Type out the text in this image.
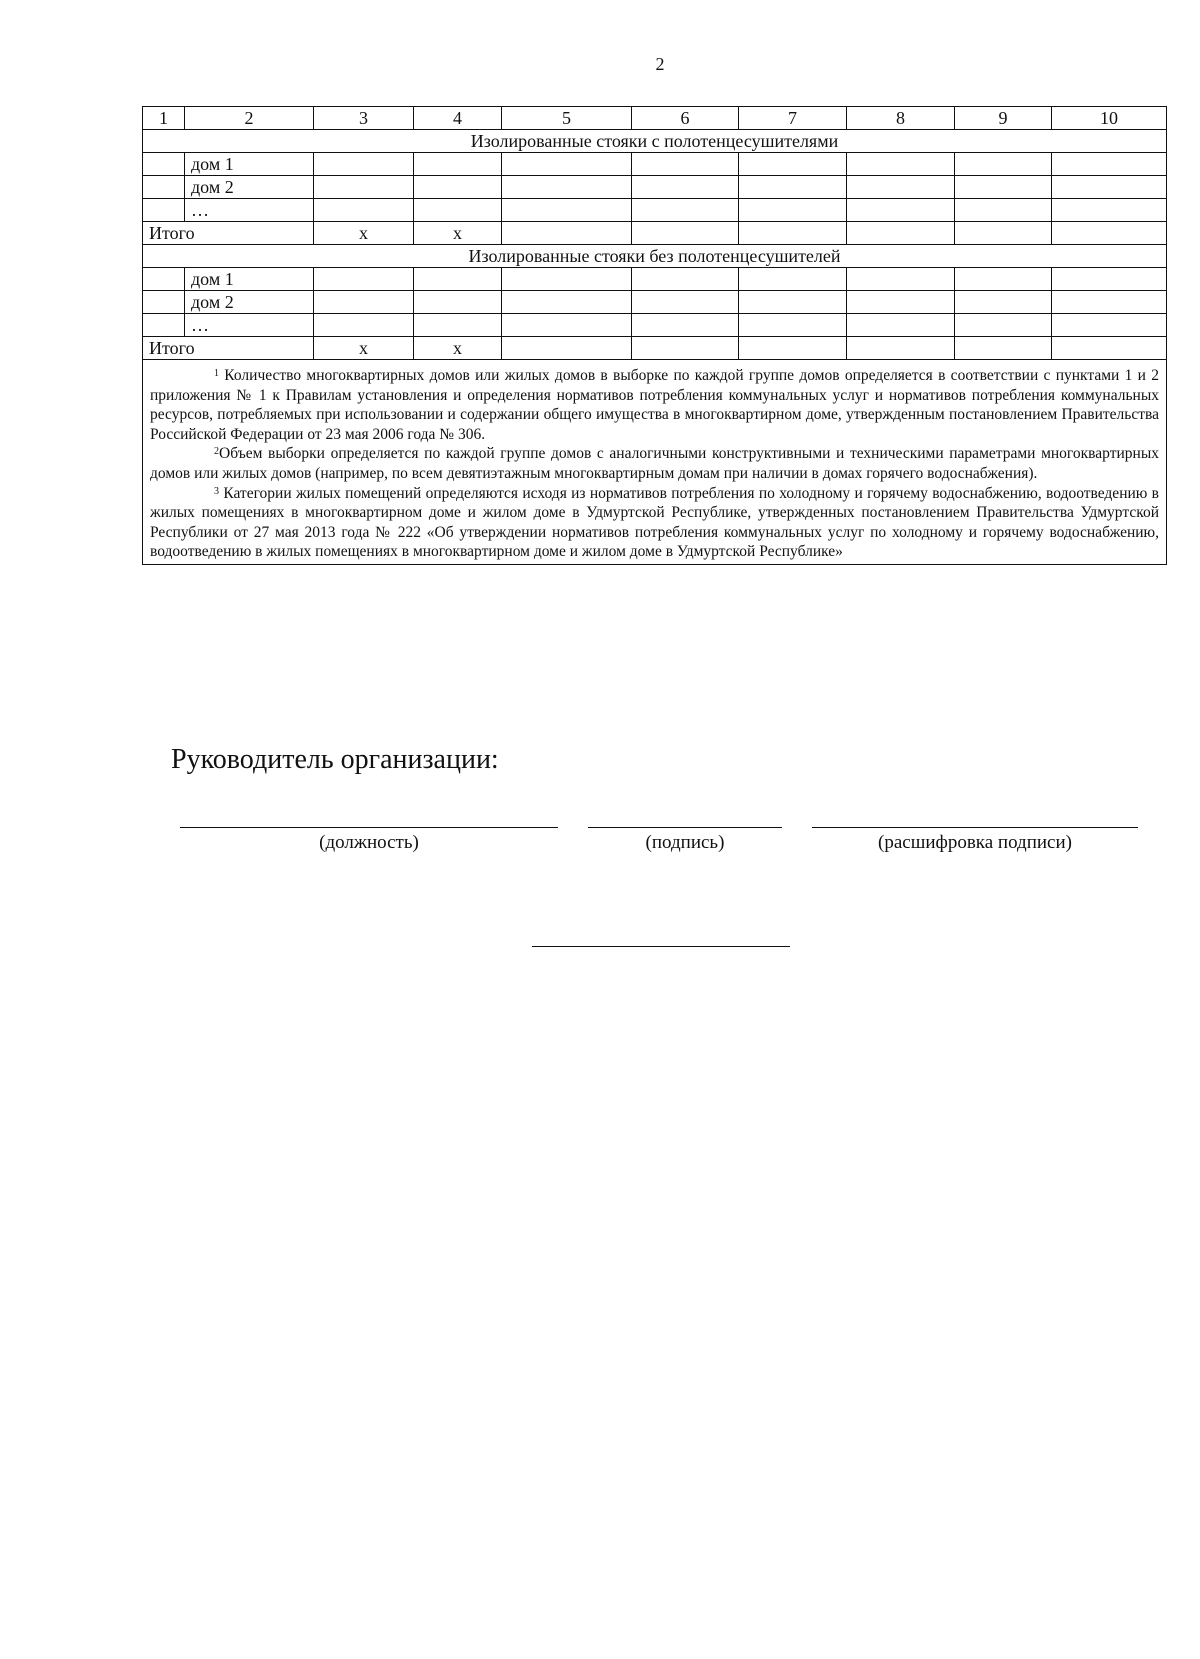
2
1	2	3	4	5	6	7	8	9	10
Изолированные стояки с полотенцесушителями									
	дом 1								
	дом 2								
	…								
Итого		х	х						
Изолированные стояки без полотенцесушителей									
	дом 1								
	дом 2								
	…								
Итого		х	х						

$^1$ Количество многоквартирных домов или жилых домов в выборке по каждой группе домов определяется в соответствии с пунктами 1 и 2 приложения № 1 к Правилам установления и определения нормативов потребления коммунальных услуг и нормативов потребления коммунальных ресурсов, потребляемых при использовании и содержании общего имущества в многоквартирном доме, утвержденным постановлением Правительства Российской Федерации от 23 мая 2006 года № 306.

$^2$Объем выборки определяется по каждой группе домов с аналогичными конструктивными и техническими параметрами многоквартирных домов или жилых домов (например, по всем девятиэтажным многоквартирным домам при наличии в домах горячего водоснабжения).

$^3$ Категории жилых помещений определяются исходя из нормативов потребления по холодному и горячему водоснабжению, водоотведению в жилых помещениях в многоквартирном доме и жилом доме в Удмуртской Республике, утвержденных постановлением Правительства Удмуртской Республики от 27 мая 2013 года № 222 «Об утверждении нормативов потребления коммунальных услуг по холодному и горячему водоснабжению, водоотведению в жилых помещениях в многоквартирном доме и жилом доме в Удмуртской Республике»									

Руководитель организации:
(должность)	(подпись)	(расшифровка подписи)
